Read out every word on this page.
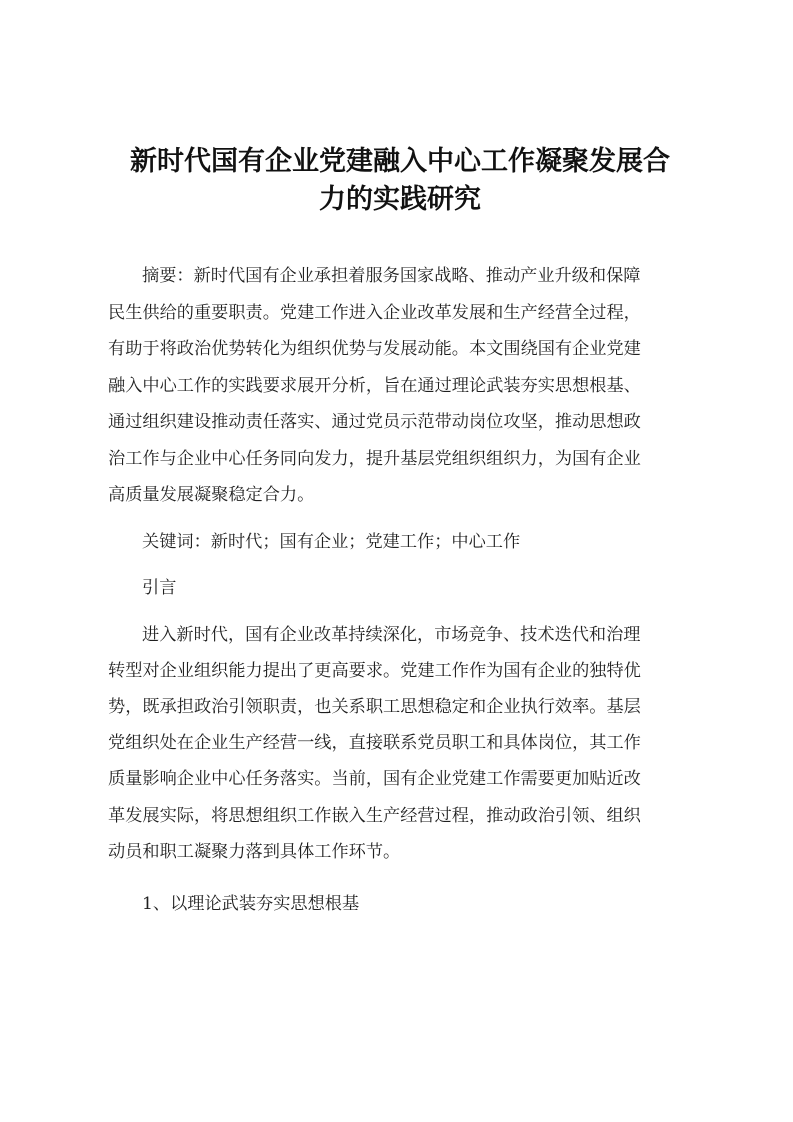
新时代国有企业党建融入中心工作凝聚发展合
力的实践研究

摘要：新时代国有企业承担着服务国家战略、推动产业升级和保障
民生供给的重要职责。党建工作进入企业改革发展和生产经营全过程，
有助于将政治优势转化为组织优势与发展动能。本文围绕国有企业党建
融入中心工作的实践要求展开分析，旨在通过理论武装夯实思想根基、
通过组织建设推动责任落实、通过党员示范带动岗位攻坚，推动思想政
治工作与企业中心任务同向发力，提升基层党组织组织力，为国有企业
高质量发展凝聚稳定合力。

关键词：新时代；国有企业；党建工作；中心工作

引言

进入新时代，国有企业改革持续深化，市场竞争、技术迭代和治理
转型对企业组织能力提出了更高要求。党建工作作为国有企业的独特优
势，既承担政治引领职责，也关系职工思想稳定和企业执行效率。基层
党组织处在企业生产经营一线，直接联系党员职工和具体岗位，其工作
质量影响企业中心任务落实。当前，国有企业党建工作需要更加贴近改
革发展实际，将思想组织工作嵌入生产经营过程，推动政治引领、组织
动员和职工凝聚力落到具体工作环节。

1、以理论武装夯实思想根基
